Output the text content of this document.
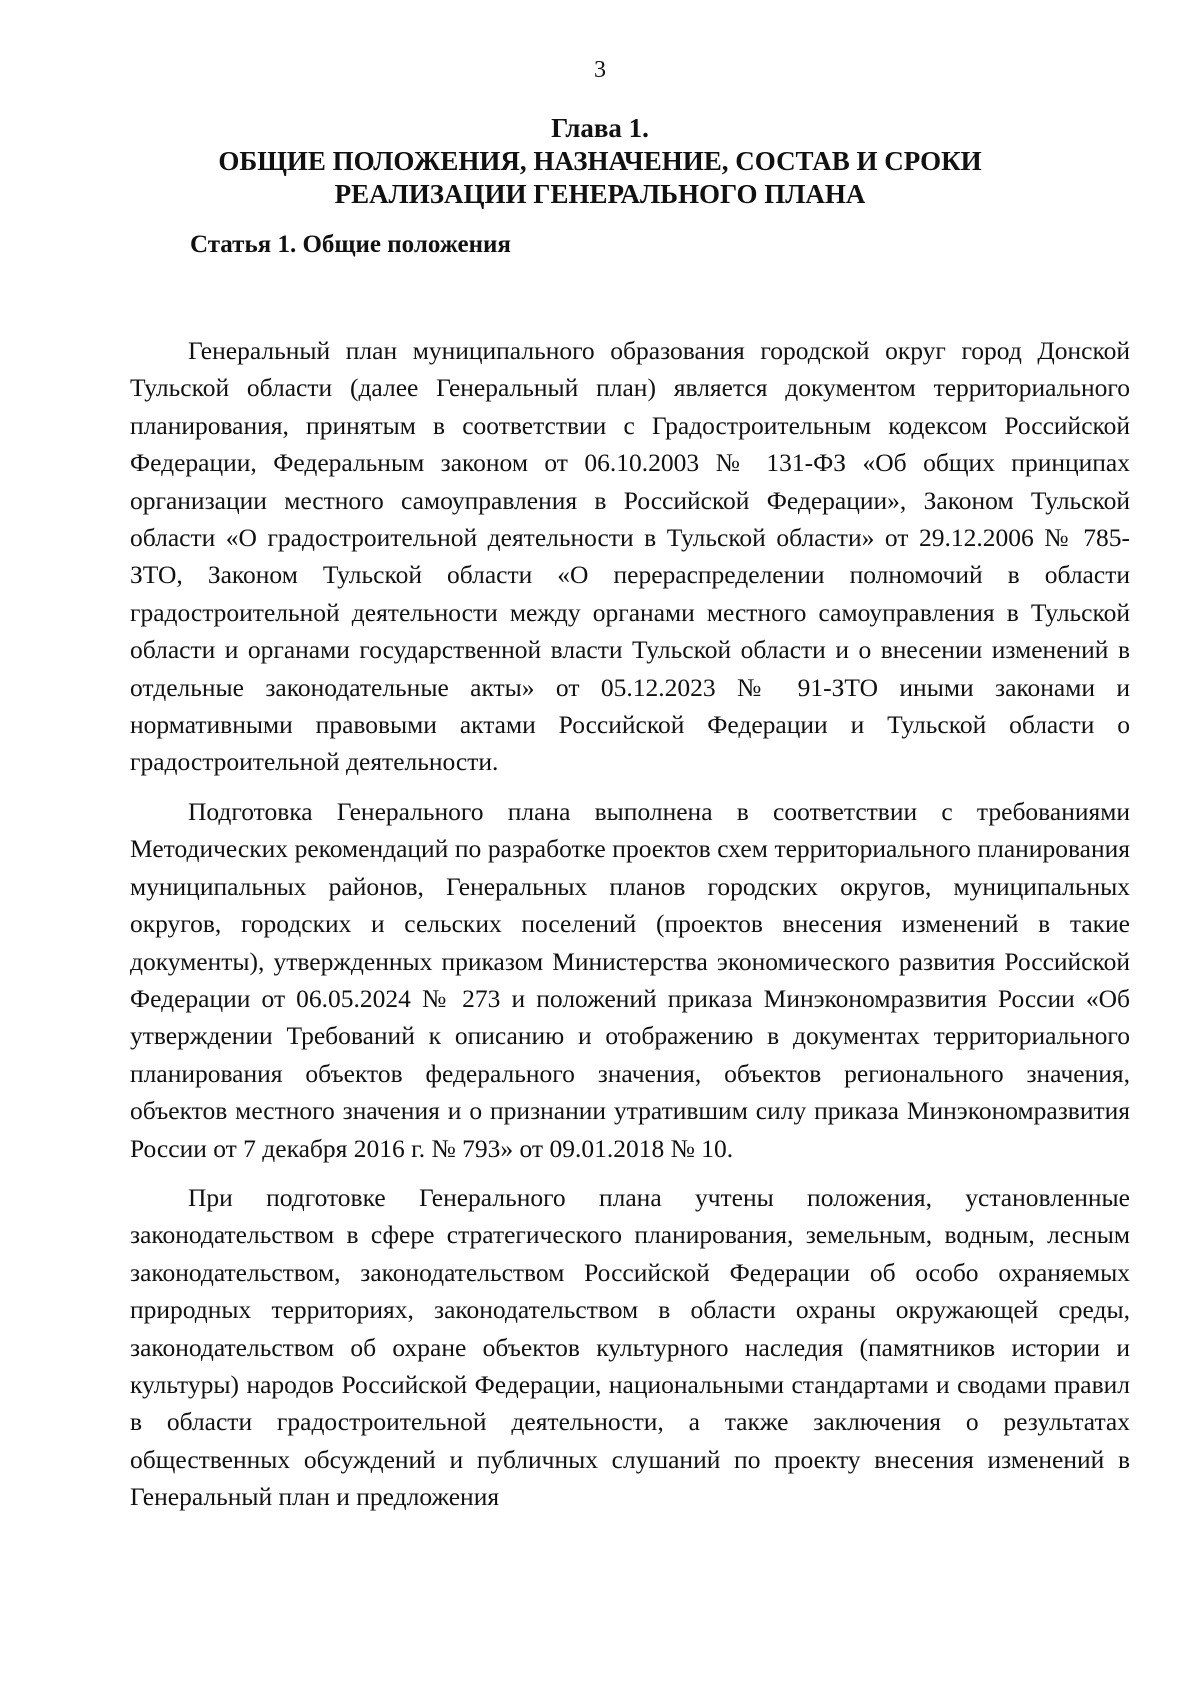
3
Глава 1.
ОБЩИЕ ПОЛОЖЕНИЯ, НАЗНАЧЕНИЕ, СОСТАВ И СРОКИ
РЕАЛИЗАЦИИ ГЕНЕРАЛЬНОГО ПЛАНА
Статья 1. Общие положения

Генеральный план муниципального образования городской округ город Донской Тульской области (далее Генеральный план) является документом территориального планирования, принятым в соответствии с Градостроительным кодексом Российской Федерации, Федеральным законом от 06.10.2003 № 131-ФЗ «Об общих принципах организации местного самоуправления в Российской Федерации», Законом Тульской области «О градостроительной деятельности в Тульской области» от 29.12.2006 № 785-ЗТО, Законом Тульской области «О перераспределении полномочий в области градостроительной деятельности между органами местного самоуправления в Тульской области и органами государственной власти Тульской области и о внесении изменений в отдельные законодательные акты» от 05.12.2023 № 91-ЗТО иными законами и нормативными правовыми актами Российской Федерации и Тульской области о градостроительной деятельности.

Подготовка Генерального плана выполнена в соответствии с требованиями Методических рекомендаций по разработке проектов схем территориального планирования муниципальных районов, Генеральных планов городских округов, муниципальных округов, городских и сельских поселений (проектов внесения изменений в такие документы), утвержденных приказом Министерства экономического развития Российской Федерации от 06.05.2024 № 273 и положений приказа Минэкономразвития России «Об утверждении Требований к описанию и отображению в документах территориального планирования объектов федерального значения, объектов регионального значения, объектов местного значения и о признании утратившим силу приказа Минэкономразвития России от 7 декабря 2016 г. № 793» от 09.01.2018 № 10.

При подготовке Генерального плана учтены положения, установленные законодательством в сфере стратегического планирования, земельным, водным, лесным законодательством, законодательством Российской Федерации об особо охраняемых природных территориях, законодательством в области охраны окружающей среды, законодательством об охране объектов культурного наследия (памятников истории и культуры) народов Российской Федерации, национальными стандартами и сводами правил в области градостроительной деятельности, а также заключения о результатах общественных обсуждений и публичных слушаний по проекту внесения изменений в Генеральный план и предложения
